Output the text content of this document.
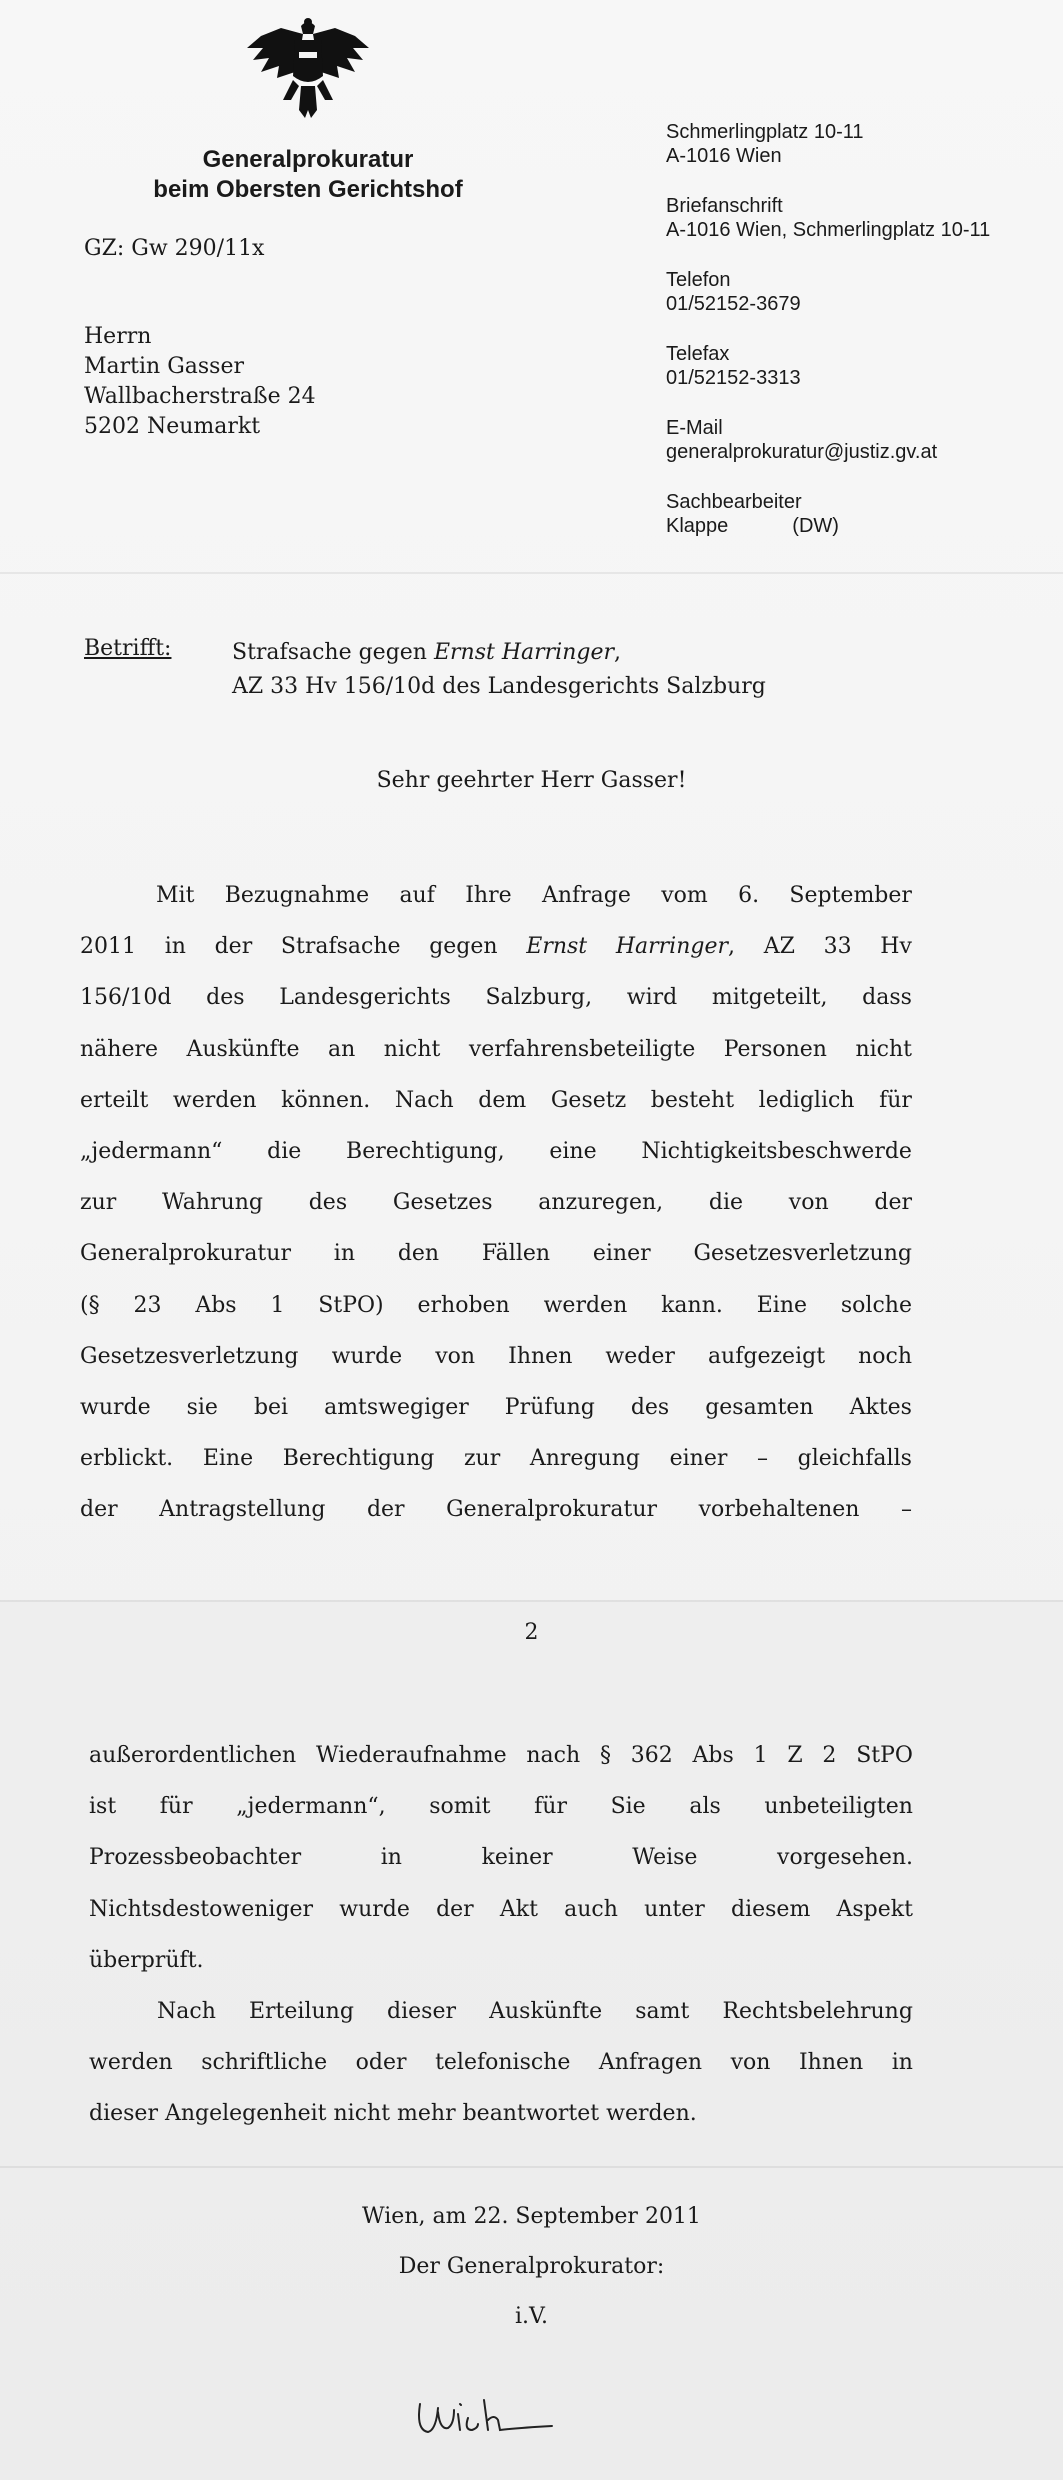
Generalprokuratur
beim Obersten Gerichtshof
Schmerlingplatz 10-11
A-1016 Wien
Briefanschrift
A-1016 Wien, Schmerlingplatz 10-11
Telefon
01/52152-3679
Telefax
01/52152-3313
E-Mail
generalprokuratur@justiz.gv.at
Sachbearbeiter
Klappe	(DW)
GZ: Gw 290/11x
Herrn
Martin Gasser
Wallbacherstraße 24
5202 Neumarkt
Betrifft:	Strafsache gegen Ernst Harringer,
AZ 33 Hv 156/10d des Landesgerichts Salzburg
Sehr geehrter Herr Gasser!
Mit Bezugnahme auf Ihre Anfrage vom 6. September
2011 in der Strafsache gegen Ernst Harringer, AZ 33 Hv
156/10d des Landesgerichts Salzburg, wird mitgeteilt, dass
nähere Auskünfte an nicht verfahrensbeteiligte Personen nicht
erteilt werden können. Nach dem Gesetz besteht lediglich für
„jedermann“ die Berechtigung, eine Nichtigkeitsbeschwerde
zur Wahrung des Gesetzes anzuregen, die von der
Generalprokuratur in den Fällen einer Gesetzesverletzung
(§ 23 Abs 1 StPO) erhoben werden kann. Eine solche
Gesetzesverletzung wurde von Ihnen weder aufgezeigt noch
wurde sie bei amtswegiger Prüfung des gesamten Aktes
erblickt. Eine Berechtigung zur Anregung einer – gleichfalls
der Antragstellung der Generalprokuratur vorbehaltenen –
2
außerordentlichen Wiederaufnahme nach § 362 Abs 1 Z 2 StPO
ist für „jedermann“, somit für Sie als unbeteiligten
Prozessbeobachter	in	keiner	Weise	vorgesehen.
Nichtsdestoweniger wurde der Akt auch unter diesem Aspekt
überprüft.
Nach Erteilung dieser Auskünfte samt Rechtsbelehrung
werden schriftliche oder telefonische Anfragen von Ihnen in
dieser Angelegenheit nicht mehr beantwortet werden.
Wien, am 22. September 2011
Der Generalprokurator:
i.V.
